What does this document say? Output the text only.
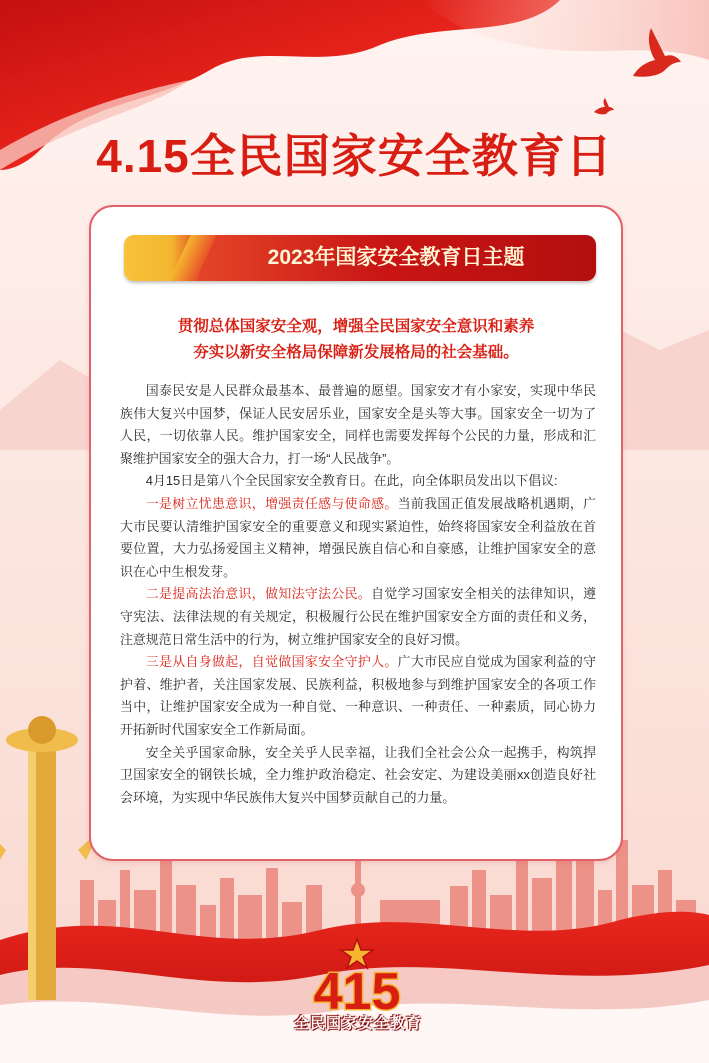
4.15全民国家安全教育日
2023年国家安全教育日主题
贯彻总体国家安全观，增强全民国家安全意识和素养
夯实以新安全格局保障新发展格局的社会基础。

国泰民安是人民群众最基本、最普遍的愿望。国家安才有小家安，实现中华民族伟大复兴中国梦，保证人民安居乐业，国家安全是头等大事。国家安全一切为了人民，一切依靠人民。维护国家安全，同样也需要发挥每个公民的力量，形成和汇聚维护国家安全的强大合力，打一场“人民战争”。

4月15日是第八个全民国家安全教育日。在此，向全体职员发出以下倡议:

一是树立忧患意识，增强责任感与使命感。当前我国正值发展战略机遇期，广大市民要认清维护国家安全的重要意义和现实紧迫性，始终将国家安全利益放在首要位置，大力弘扬爱国主义精神，增强民族自信心和自豪感，让维护国家安全的意识在心中生根发芽。

二是提高法治意识，做知法守法公民。自觉学习国家安全相关的法律知识，遵守宪法、法律法规的有关规定，积极履行公民在维护国家安全方面的责任和义务，注意规范日常生活中的行为，树立维护国家安全的良好习惯。

三是从自身做起，自觉做国家安全守护人。广大市民应自觉成为国家利益的守护着、维护者，关注国家发展、民族利益，积极地参与到维护国家安全的各项工作当中，让维护国家安全成为一种自觉、一种意识、一种责任、一种素质，同心协力开拓新时代国家安全工作新局面。

安全关乎国家命脉，安全关乎人民幸福，让我们全社会公众一起携手，构筑捍卫国家安全的钢铁长城，全力维护政治稳定、社会安定、为建设美丽xx创造良好社会环境，为实现中华民族伟大复兴中国梦贡献自己的力量。

415
全民国家安全教育
